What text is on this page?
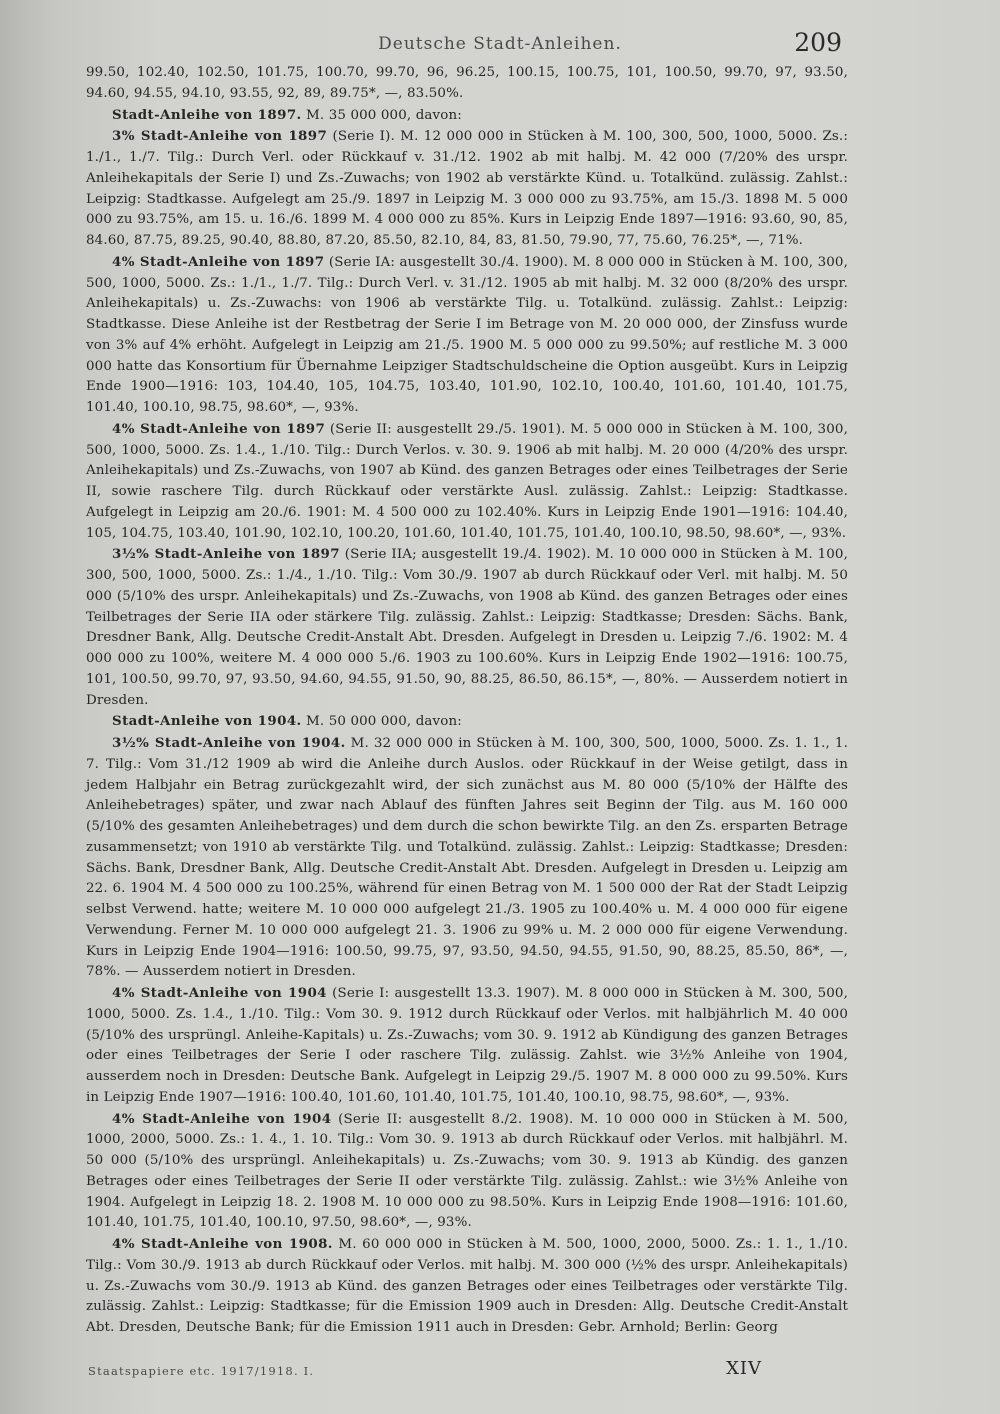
Deutsche Stadt-Anleihen.	209

99.50, 102.40, 102.50, 101.75, 100.70, 99.70, 96, 96.25, 100.15, 100.75, 101, 100.50, 99.70, 97, 93.50, 94.60, 94.55, 94.10, 93.55, 92, 89, 89.75*, —, 83.50%.

Stadt-Anleihe von 1897. M. 35 000 000, davon:

3% Stadt-Anleihe von 1897 (Serie I). M. 12 000 000 in Stücken à M. 100, 300, 500, 1000, 5000. Zs.: 1./1., 1./7. Tilg.: Durch Verl. oder Rückkauf v. 31./12. 1902 ab mit halbj. M. 42 000 (7/20% des urspr. Anleihekapitals der Serie I) und Zs.-Zuwachs; von 1902 ab verstärkte Künd. u. Totalkünd. zulässig. Zahlst.: Leipzig: Stadtkasse. Aufgelegt am 25./9. 1897 in Leipzig M. 3 000 000 zu 93.75%, am 15./3. 1898 M. 5 000 000 zu 93.75%, am 15. u. 16./6. 1899 M. 4 000 000 zu 85%. Kurs in Leipzig Ende 1897—1916: 93.60, 90, 85, 84.60, 87.75, 89.25, 90.40, 88.80, 87.20, 85.50, 82.10, 84, 83, 81.50, 79.90, 77, 75.60, 76.25*, —, 71%.

4% Stadt-Anleihe von 1897 (Serie IA: ausgestellt 30./4. 1900). M. 8 000 000 in Stücken à M. 100, 300, 500, 1000, 5000. Zs.: 1./1., 1./7. Tilg.: Durch Verl. v. 31./12. 1905 ab mit halbj. M. 32 000 (8/20% des urspr. Anleihekapitals) u. Zs.-Zuwachs: von 1906 ab verstärkte Tilg. u. Totalkünd. zulässig. Zahlst.: Leipzig: Stadtkasse. Diese Anleihe ist der Restbetrag der Serie I im Betrage von M. 20 000 000, der Zinsfuss wurde von 3% auf 4% erhöht. Aufgelegt in Leipzig am 21./5. 1900 M. 5 000 000 zu 99.50%; auf restliche M. 3 000 000 hatte das Konsortium für Übernahme Leipziger Stadtschuldscheine die Option ausgeübt. Kurs in Leipzig Ende 1900—1916: 103, 104.40, 105, 104.75, 103.40, 101.90, 102.10, 100.40, 101.60, 101.40, 101.75, 101.40, 100.10, 98.75, 98.60*, —, 93%.

4% Stadt-Anleihe von 1897 (Serie II: ausgestellt 29./5. 1901). M. 5 000 000 in Stücken à M. 100, 300, 500, 1000, 5000. Zs. 1.4., 1./10. Tilg.: Durch Verlos. v. 30. 9. 1906 ab mit halbj. M. 20 000 (4/20% des urspr. Anleihekapitals) und Zs.-Zuwachs, von 1907 ab Künd. des ganzen Betrages oder eines Teilbetrages der Serie II, sowie raschere Tilg. durch Rückkauf oder verstärkte Ausl. zulässig. Zahlst.: Leipzig: Stadtkasse. Aufgelegt in Leipzig am 20./6. 1901: M. 4 500 000 zu 102.40%. Kurs in Leipzig Ende 1901—1916: 104.40, 105, 104.75, 103.40, 101.90, 102.10, 100.20, 101.60, 101.40, 101.75, 101.40, 100.10, 98.50, 98.60*, —, 93%.

3½% Stadt-Anleihe von 1897 (Serie IIA; ausgestellt 19./4. 1902). M. 10 000 000 in Stücken à M. 100, 300, 500, 1000, 5000. Zs.: 1./4., 1./10. Tilg.: Vom 30./9. 1907 ab durch Rückkauf oder Verl. mit halbj. M. 50 000 (5/10% des urspr. Anleihekapitals) und Zs.-Zuwachs, von 1908 ab Künd. des ganzen Betrages oder eines Teilbetrages der Serie IIA oder stärkere Tilg. zulässig. Zahlst.: Leipzig: Stadtkasse; Dresden: Sächs. Bank, Dresdner Bank, Allg. Deutsche Credit-Anstalt Abt. Dresden. Aufgelegt in Dresden u. Leipzig 7./6. 1902: M. 4 000 000 zu 100%, weitere M. 4 000 000 5./6. 1903 zu 100.60%. Kurs in Leipzig Ende 1902—1916: 100.75, 101, 100.50, 99.70, 97, 93.50, 94.60, 94.55, 91.50, 90, 88.25, 86.50, 86.15*, —, 80%. — Ausserdem notiert in Dresden.

Stadt-Anleihe von 1904. M. 50 000 000, davon:

3½% Stadt-Anleihe von 1904. M. 32 000 000 in Stücken à M. 100, 300, 500, 1000, 5000. Zs. 1. 1., 1. 7. Tilg.: Vom 31./12 1909 ab wird die Anleihe durch Auslos. oder Rückkauf in der Weise getilgt, dass in jedem Halbjahr ein Betrag zurückgezahlt wird, der sich zunächst aus M. 80 000 (5/10% der Hälfte des Anleihebetrages) später, und zwar nach Ablauf des fünften Jahres seit Beginn der Tilg. aus M. 160 000 (5/10% des gesamten Anleihebetrages) und dem durch die schon bewirkte Tilg. an den Zs. ersparten Betrage zusammensetzt; von 1910 ab verstärkte Tilg. und Totalkünd. zulässig. Zahlst.: Leipzig: Stadtkasse; Dresden: Sächs. Bank, Dresdner Bank, Allg. Deutsche Credit-Anstalt Abt. Dresden. Aufgelegt in Dresden u. Leipzig am 22. 6. 1904 M. 4 500 000 zu 100.25%, während für einen Betrag von M. 1 500 000 der Rat der Stadt Leipzig selbst Verwend. hatte; weitere M. 10 000 000 aufgelegt 21./3. 1905 zu 100.40% u. M. 4 000 000 für eigene Verwendung. Ferner M. 10 000 000 aufgelegt 21. 3. 1906 zu 99% u. M. 2 000 000 für eigene Verwendung. Kurs in Leipzig Ende 1904—1916: 100.50, 99.75, 97, 93.50, 94.50, 94.55, 91.50, 90, 88.25, 85.50, 86*, —, 78%. — Ausserdem notiert in Dresden.

4% Stadt-Anleihe von 1904 (Serie I: ausgestellt 13.3. 1907). M. 8 000 000 in Stücken à M. 300, 500, 1000, 5000. Zs. 1.4., 1./10. Tilg.: Vom 30. 9. 1912 durch Rückkauf oder Verlos. mit halbjährlich M. 40 000 (5/10% des ursprüngl. Anleihe-Kapitals) u. Zs.-Zuwachs; vom 30. 9. 1912 ab Kündigung des ganzen Betrages oder eines Teilbetrages der Serie I oder raschere Tilg. zulässig. Zahlst. wie 3½% Anleihe von 1904, ausserdem noch in Dresden: Deutsche Bank. Aufgelegt in Leipzig 29./5. 1907 M. 8 000 000 zu 99.50%. Kurs in Leipzig Ende 1907—1916: 100.40, 101.60, 101.40, 101.75, 101.40, 100.10, 98.75, 98.60*, —, 93%.

4% Stadt-Anleihe von 1904 (Serie II: ausgestellt 8./2. 1908). M. 10 000 000 in Stücken à M. 500, 1000, 2000, 5000. Zs.: 1. 4., 1. 10. Tilg.: Vom 30. 9. 1913 ab durch Rückkauf oder Verlos. mit halbjährl. M. 50 000 (5/10% des ursprüngl. Anleihekapitals) u. Zs.-Zuwachs; vom 30. 9. 1913 ab Kündig. des ganzen Betrages oder eines Teilbetrages der Serie II oder verstärkte Tilg. zulässig. Zahlst.: wie 3½% Anleihe von 1904. Aufgelegt in Leipzig 18. 2. 1908 M. 10 000 000 zu 98.50%. Kurs in Leipzig Ende 1908—1916: 101.60, 101.40, 101.75, 101.40, 100.10, 97.50, 98.60*, —, 93%.

4% Stadt-Anleihe von 1908. M. 60 000 000 in Stücken à M. 500, 1000, 2000, 5000. Zs.: 1. 1., 1./10. Tilg.: Vom 30./9. 1913 ab durch Rückkauf oder Verlos. mit halbj. M. 300 000 (½% des urspr. Anleihekapitals) u. Zs.-Zuwachs vom 30./9. 1913 ab Künd. des ganzen Betrages oder eines Teilbetrages oder verstärkte Tilg. zulässig. Zahlst.: Leipzig: Stadtkasse; für die Emission 1909 auch in Dresden: Allg. Deutsche Credit-Anstalt Abt. Dresden, Deutsche Bank; für die Emission 1911 auch in Dresden: Gebr. Arnhold; Berlin: Georg

Staatspapiere etc. 1917/1918. I.	XIV
